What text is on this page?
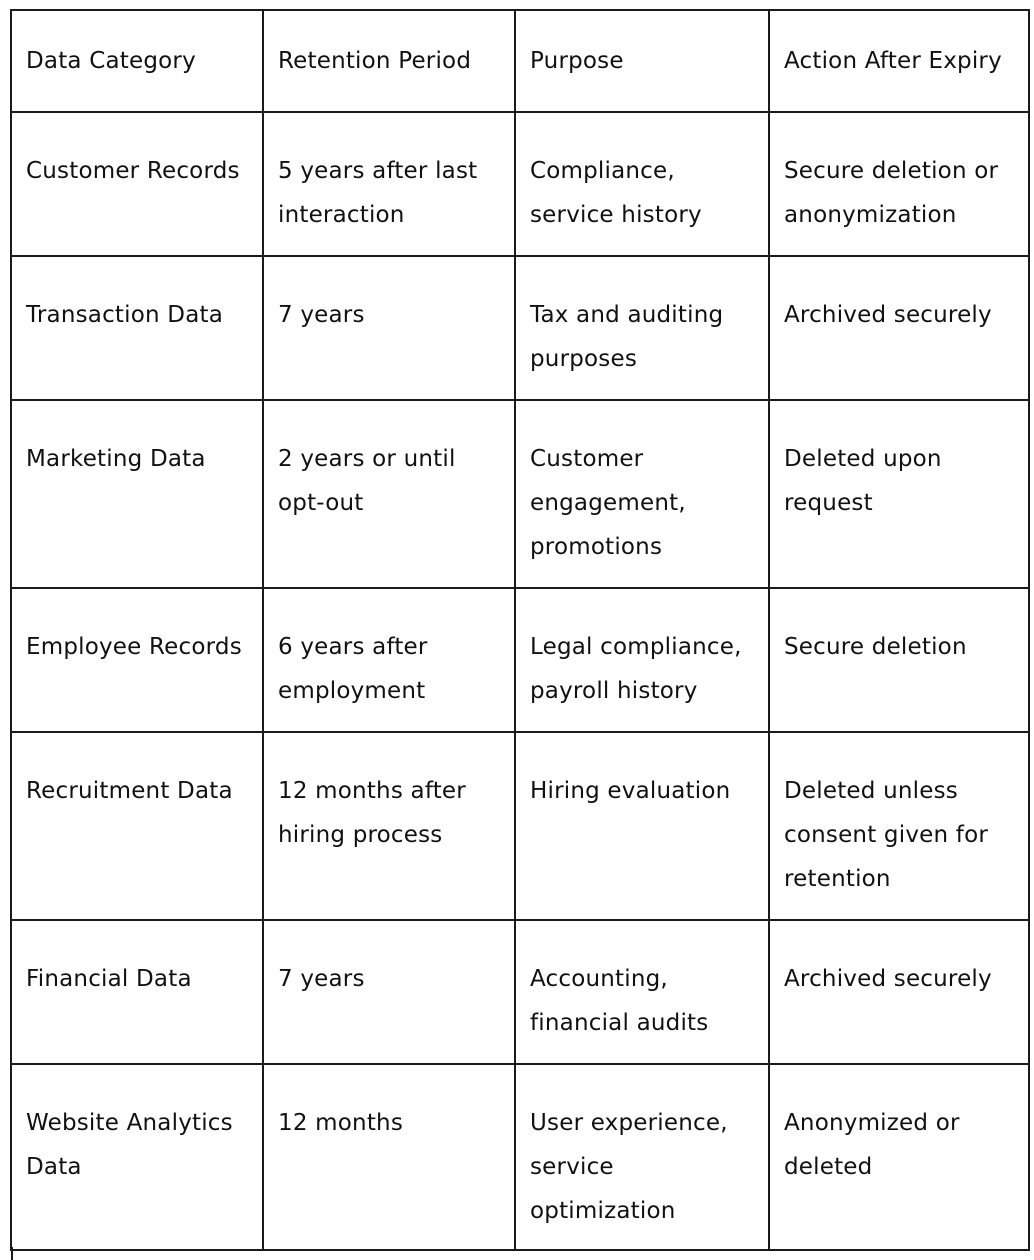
Data Category	Retention Period	Purpose	Action After Expiry
Customer Records	5 years after last interaction	Compliance, service history	Secure deletion or anonymization
Transaction Data	7 years	Tax and auditing purposes	Archived securely
Marketing Data	2 years or until opt-out	Customer engagement, promotions	Deleted upon request
Employee Records	6 years after employment	Legal compliance, payroll history	Secure deletion
Recruitment Data	12 months after hiring process	Hiring evaluation	Deleted unless consent given for retention
Financial Data	7 years	Accounting, financial audits	Archived securely
Website Analytics Data	12 months	User experience, service optimization	Anonymized or deleted
